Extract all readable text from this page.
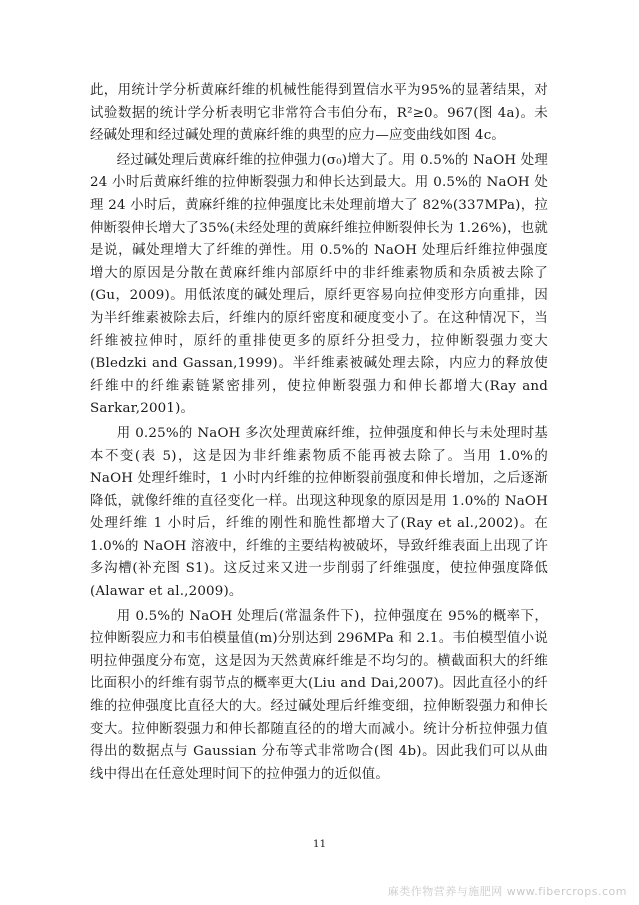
此，用统计学分析黄麻纤维的机械性能得到置信水平为95%的显著结果，对试验数据的统计学分析表明它非常符合韦伯分布，R²≥0。967(图 4a)。未经碱处理和经过碱处理的黄麻纤维的典型的应力—应变曲线如图 4c。

经过碱处理后黄麻纤维的拉伸强力(σ₀)增大了。用 0.5%的 NaOH 处理 24 小时后黄麻纤维的拉伸断裂强力和伸长达到最大。用 0.5%的 NaOH 处理 24 小时后，黄麻纤维的拉伸强度比未处理前增大了 82%(337MPa)，拉伸断裂伸长增大了35%(未经处理的黄麻纤维拉伸断裂伸长为 1.26%)，也就是说，碱处理增大了纤维的弹性。用 0.5%的 NaOH 处理后纤维拉伸强度增大的原因是分散在黄麻纤维内部原纤中的非纤维素物质和杂质被去除了(Gu，2009)。用低浓度的碱处理后，原纤更容易向拉伸变形方向重排，因为半纤维素被除去后，纤维内的原纤密度和硬度变小了。在这种情况下，当纤维被拉伸时，原纤的重排使更多的原纤分担受力，拉伸断裂强力变大(Bledzki and Gassan,1999)。半纤维素被碱处理去除，内应力的释放使纤维中的纤维素链紧密排列，使拉伸断裂强力和伸长都增大(Ray and Sarkar,2001)。

用 0.25%的 NaOH 多次处理黄麻纤维，拉伸强度和伸长与未处理时基本不变(表 5)，这是因为非纤维素物质不能再被去除了。当用 1.0%的 NaOH 处理纤维时，1 小时内纤维的拉伸断裂前强度和伸长增加，之后逐渐降低，就像纤维的直径变化一样。出现这种现象的原因是用 1.0%的 NaOH 处理纤维 1 小时后，纤维的刚性和脆性都增大了(Ray et al.,2002)。在 1.0%的 NaOH 溶液中，纤维的主要结构被破坏，导致纤维表面上出现了许多沟槽(补充图 S1)。这反过来又进一步削弱了纤维强度，使拉伸强度降低(Alawar et al.,2009)。

用 0.5%的 NaOH 处理后(常温条件下)，拉伸强度在 95%的概率下，拉伸断裂应力和韦伯模量值(m)分别达到 296MPa 和 2.1。韦伯模型值小说明拉伸强度分布宽，这是因为天然黄麻纤维是不均匀的。横截面积大的纤维比面积小的纤维有弱节点的概率更大(Liu and Dai,2007)。因此直径小的纤维的拉伸强度比直径大的大。经过碱处理后纤维变细，拉伸断裂强力和伸长变大。拉伸断裂强力和伸长都随直径的的增大而减小。统计分析拉伸强力值得出的数据点与 Gaussian 分布等式非常吻合(图 4b)。因此我们可以从曲线中得出在任意处理时间下的拉伸强力的近似值。

11
麻类作物营养与施肥网 www.fibercrops.com
